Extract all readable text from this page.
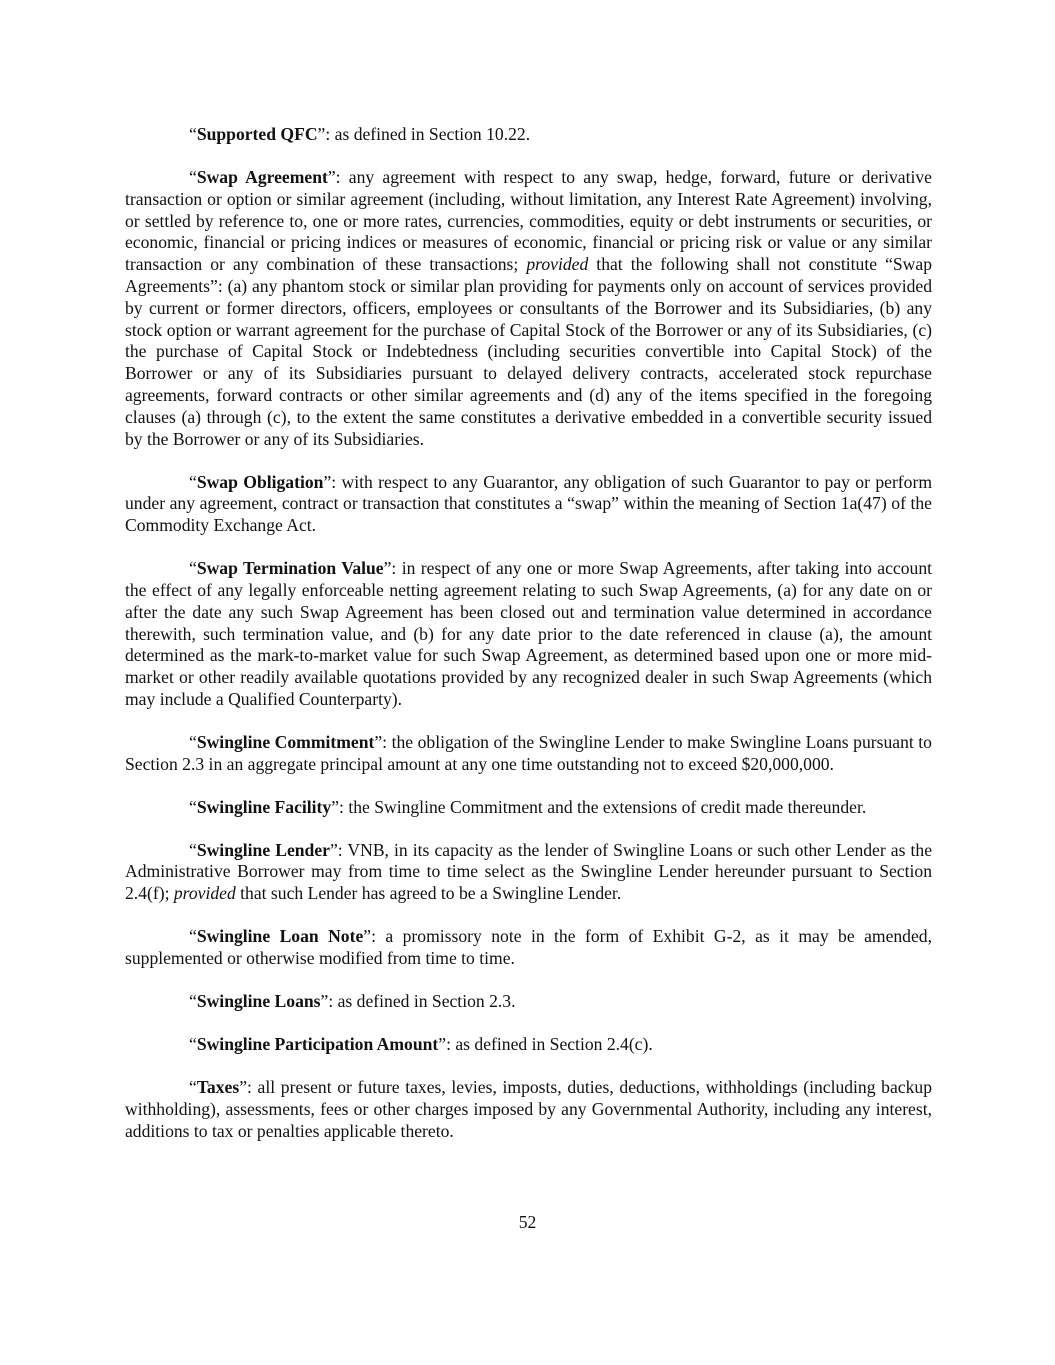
“Supported QFC”: as defined in Section 10.22.

“Swap Agreement”: any agreement with respect to any swap, hedge, forward, future or derivative transaction or option or similar agreement (including, without limitation, any Interest Rate Agreement) involving, or settled by reference to, one or more rates, currencies, commodities, equity or debt instruments or securities, or economic, financial or pricing indices or measures of economic, financial or pricing risk or value or any similar transaction or any combination of these transactions; provided that the following shall not constitute “Swap Agreements”: (a) any phantom stock or similar plan providing for payments only on account of services provided by current or former directors, officers, employees or consultants of the Borrower and its Subsidiaries, (b) any stock option or warrant agreement for the purchase of Capital Stock of the Borrower or any of its Subsidiaries, (c) the purchase of Capital Stock or Indebtedness (including securities convertible into Capital Stock) of the Borrower or any of its Subsidiaries pursuant to delayed delivery contracts, accelerated stock repurchase agreements, forward contracts or other similar agreements and (d) any of the items specified in the foregoing clauses (a) through (c), to the extent the same constitutes a derivative embedded in a convertible security issued by the Borrower or any of its Subsidiaries.

“Swap Obligation”: with respect to any Guarantor, any obligation of such Guarantor to pay or perform under any agreement, contract or transaction that constitutes a “swap” within the meaning of Section 1a(47) of the Commodity Exchange Act.

“Swap Termination Value”: in respect of any one or more Swap Agreements, after taking into account the effect of any legally enforceable netting agreement relating to such Swap Agreements, (a) for any date on or after the date any such Swap Agreement has been closed out and termination value determined in accordance therewith, such termination value, and (b) for any date prior to the date referenced in clause (a), the amount determined as the mark-to-market value for such Swap Agreement, as determined based upon one or more mid-market or other readily available quotations provided by any recognized dealer in such Swap Agreements (which may include a Qualified Counterparty).

“Swingline Commitment”: the obligation of the Swingline Lender to make Swingline Loans pursuant to Section 2.3 in an aggregate principal amount at any one time outstanding not to exceed $20,000,000.

“Swingline Facility”: the Swingline Commitment and the extensions of credit made thereunder.

“Swingline Lender”: VNB, in its capacity as the lender of Swingline Loans or such other Lender as the Administrative Borrower may from time to time select as the Swingline Lender hereunder pursuant to Section 2.4(f); provided that such Lender has agreed to be a Swingline Lender.

“Swingline Loan Note”: a promissory note in the form of Exhibit G-2, as it may be amended, supplemented or otherwise modified from time to time.

“Swingline Loans”: as defined in Section 2.3.

“Swingline Participation Amount”: as defined in Section 2.4(c).

“Taxes”: all present or future taxes, levies, imposts, duties, deductions, withholdings (including backup withholding), assessments, fees or other charges imposed by any Governmental Authority, including any interest, additions to tax or penalties applicable thereto.

52
